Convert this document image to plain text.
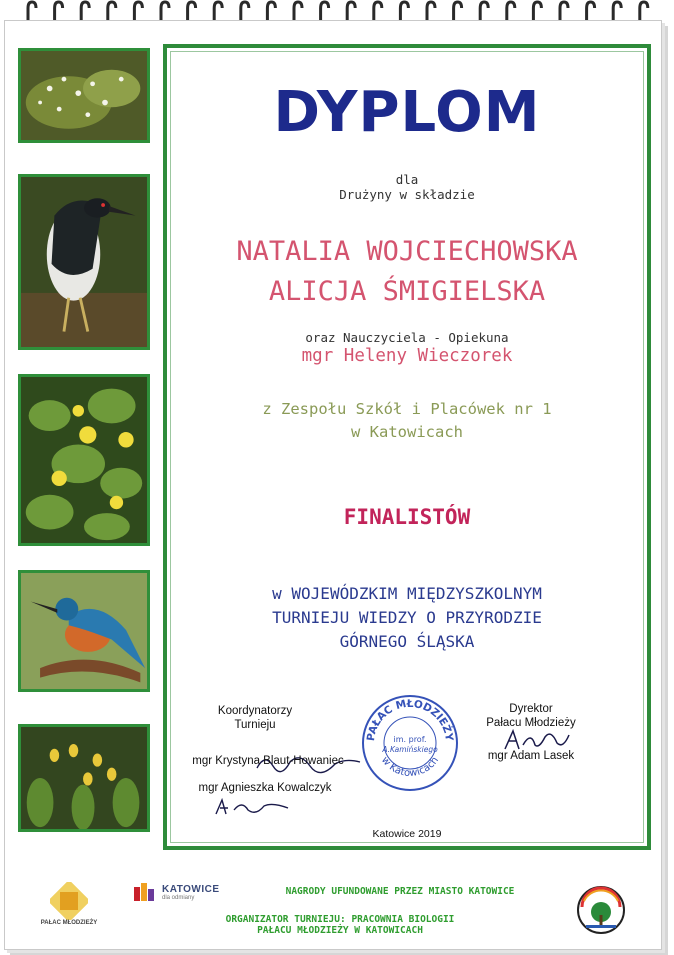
DYPLOM
dla
Drużyny w składzie
NATALIA WOJCIECHOWSKA
ALICJA ŚMIGIELSKA
oraz Nauczyciela - Opiekuna
mgr Heleny Wieczorek
z Zespołu Szkół i Placówek nr 1
w Katowicach
FINALISTÓW
w WOJEWÓDZKIM MIĘDZYSZKOLNYM
TURNIEJU WIEDZY O PRZYRODZIE
GÓRNEGO ŚLĄSKA
Koordynatorzy
Turnieju
mgr Krystyna Blaut-Howaniec
mgr Agnieszka Kowalczyk
PAŁAC MŁODZIEŻY
w Katowicach
im. prof.
A.Kamińskiego
Dyrektor
Pałacu Młodzieży
mgr Adam Lasek
Katowice 2019
PAŁAC MŁODZIEŻY
KATOWICE
dla odmiany
NAGRODY UFUNDOWANE PRZEZ MIASTO KATOWICE
ORGANIZATOR TURNIEJU: PRACOWNIA BIOLOGII
PAŁACU MŁODZIEŻY W KATOWICACH
